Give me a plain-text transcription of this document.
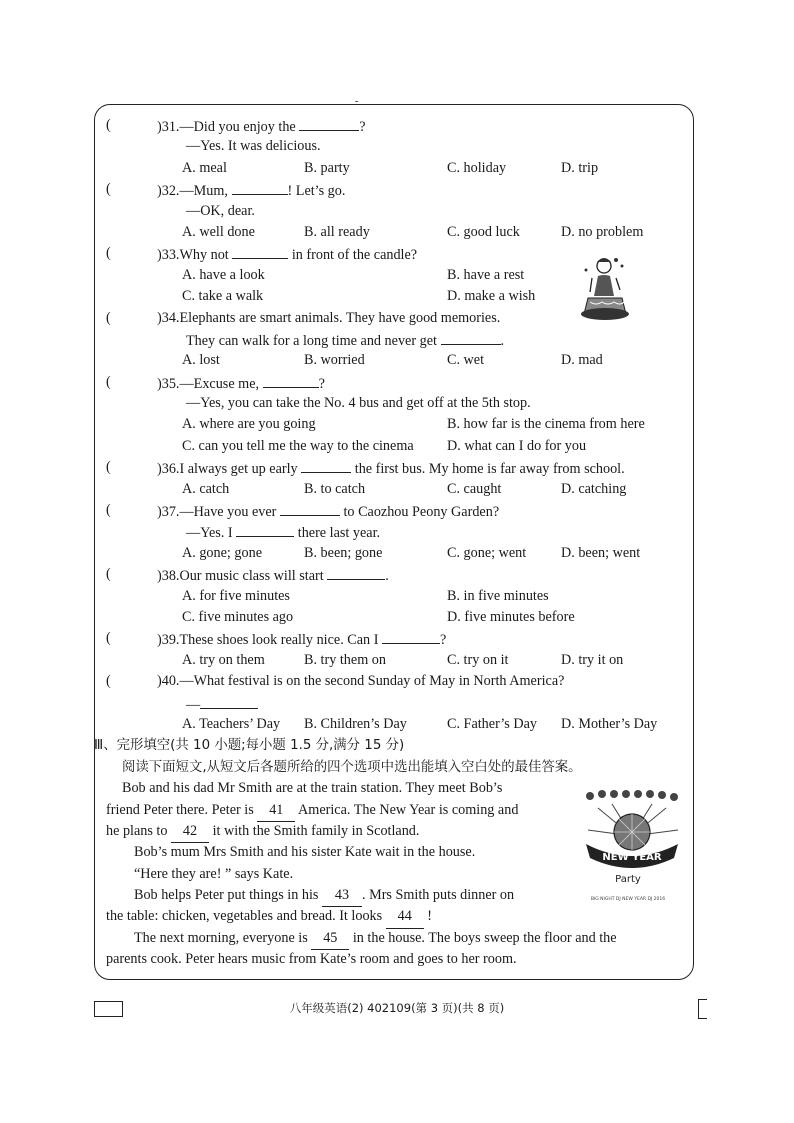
-
(	)31.—Did you enjoy the	?
—Yes. It was delicious.
A. meal	B. party	C. holiday	D. trip
(	)32.—Mum,	! Let’s go.
—OK, dear.
A. well done	B. all ready	C. good luck	D. no problem
(	)33.Why not	in front of the candle?
A. have a look	B. have a rest
C. take a walk	D. make a wish
(	)34.Elephants are smart animals. They have good memories.
They can walk for a long time and never get	.
A. lost	B. worried	C. wet	D. mad
(	)35.—Excuse me,	?
—Yes, you can take the No. 4 bus and get off at the 5th stop.
A. where are you going	B. how far is the cinema from here
C. can you tell me the way to the cinema D. what can I do for you
(	)36.I always get up early	the first bus. My home is far away from school.
A. catch	B. to catch	C. caught	D. catching
(	)37.—Have you ever	to Caozhou Peony Garden?
—Yes. I	there last year.
A. gone; gone	B. been; gone	C. gone; went D. been; went
(	)38.Our music class will start	.
A. for five minutes	B. in five minutes
C. five minutes ago	D. five minutes before
(	)39.These shoes look really nice. Can I	?
A. try on them	B. try them on	C. try on it	D. try it on
(	)40.—What festival is on the second Sunday of May in North America?
—
A. Teachers’ Day B. Children’s Day	C. Father’s Day D. Mother’s Day
Ⅲ、完形填空(共 10 小题;每小题 1.5 分,满分 15 分)
阅读下面短文,从短文后各题所给的四个选项中选出能填入空白处的最佳答案。
Bob and his dad Mr Smith are at the train station. They meet Bob’s
friend Peter there. Peter is 41 America. The New Year is coming and
he plans to 42 it with the Smith family in Scotland.
Bob’s mum Mrs Smith and his sister Kate wait in the house.
“Here they are! ” says Kate.
Bob helps Peter put things in his 43 . Mrs Smith puts dinner on
the table: chicken, vegetables and bread. It looks 44 !
The next morning, everyone is 45 in the house. The boys sweep the floor and the
parents cook. Peter hears music from Kate’s room and goes to her room.
NEW YEAR
Party
BIG NIGHT DJ NEW YEAR DJ 2016
八年级英语(2) 402109(第 3 页)(共 8 页)
